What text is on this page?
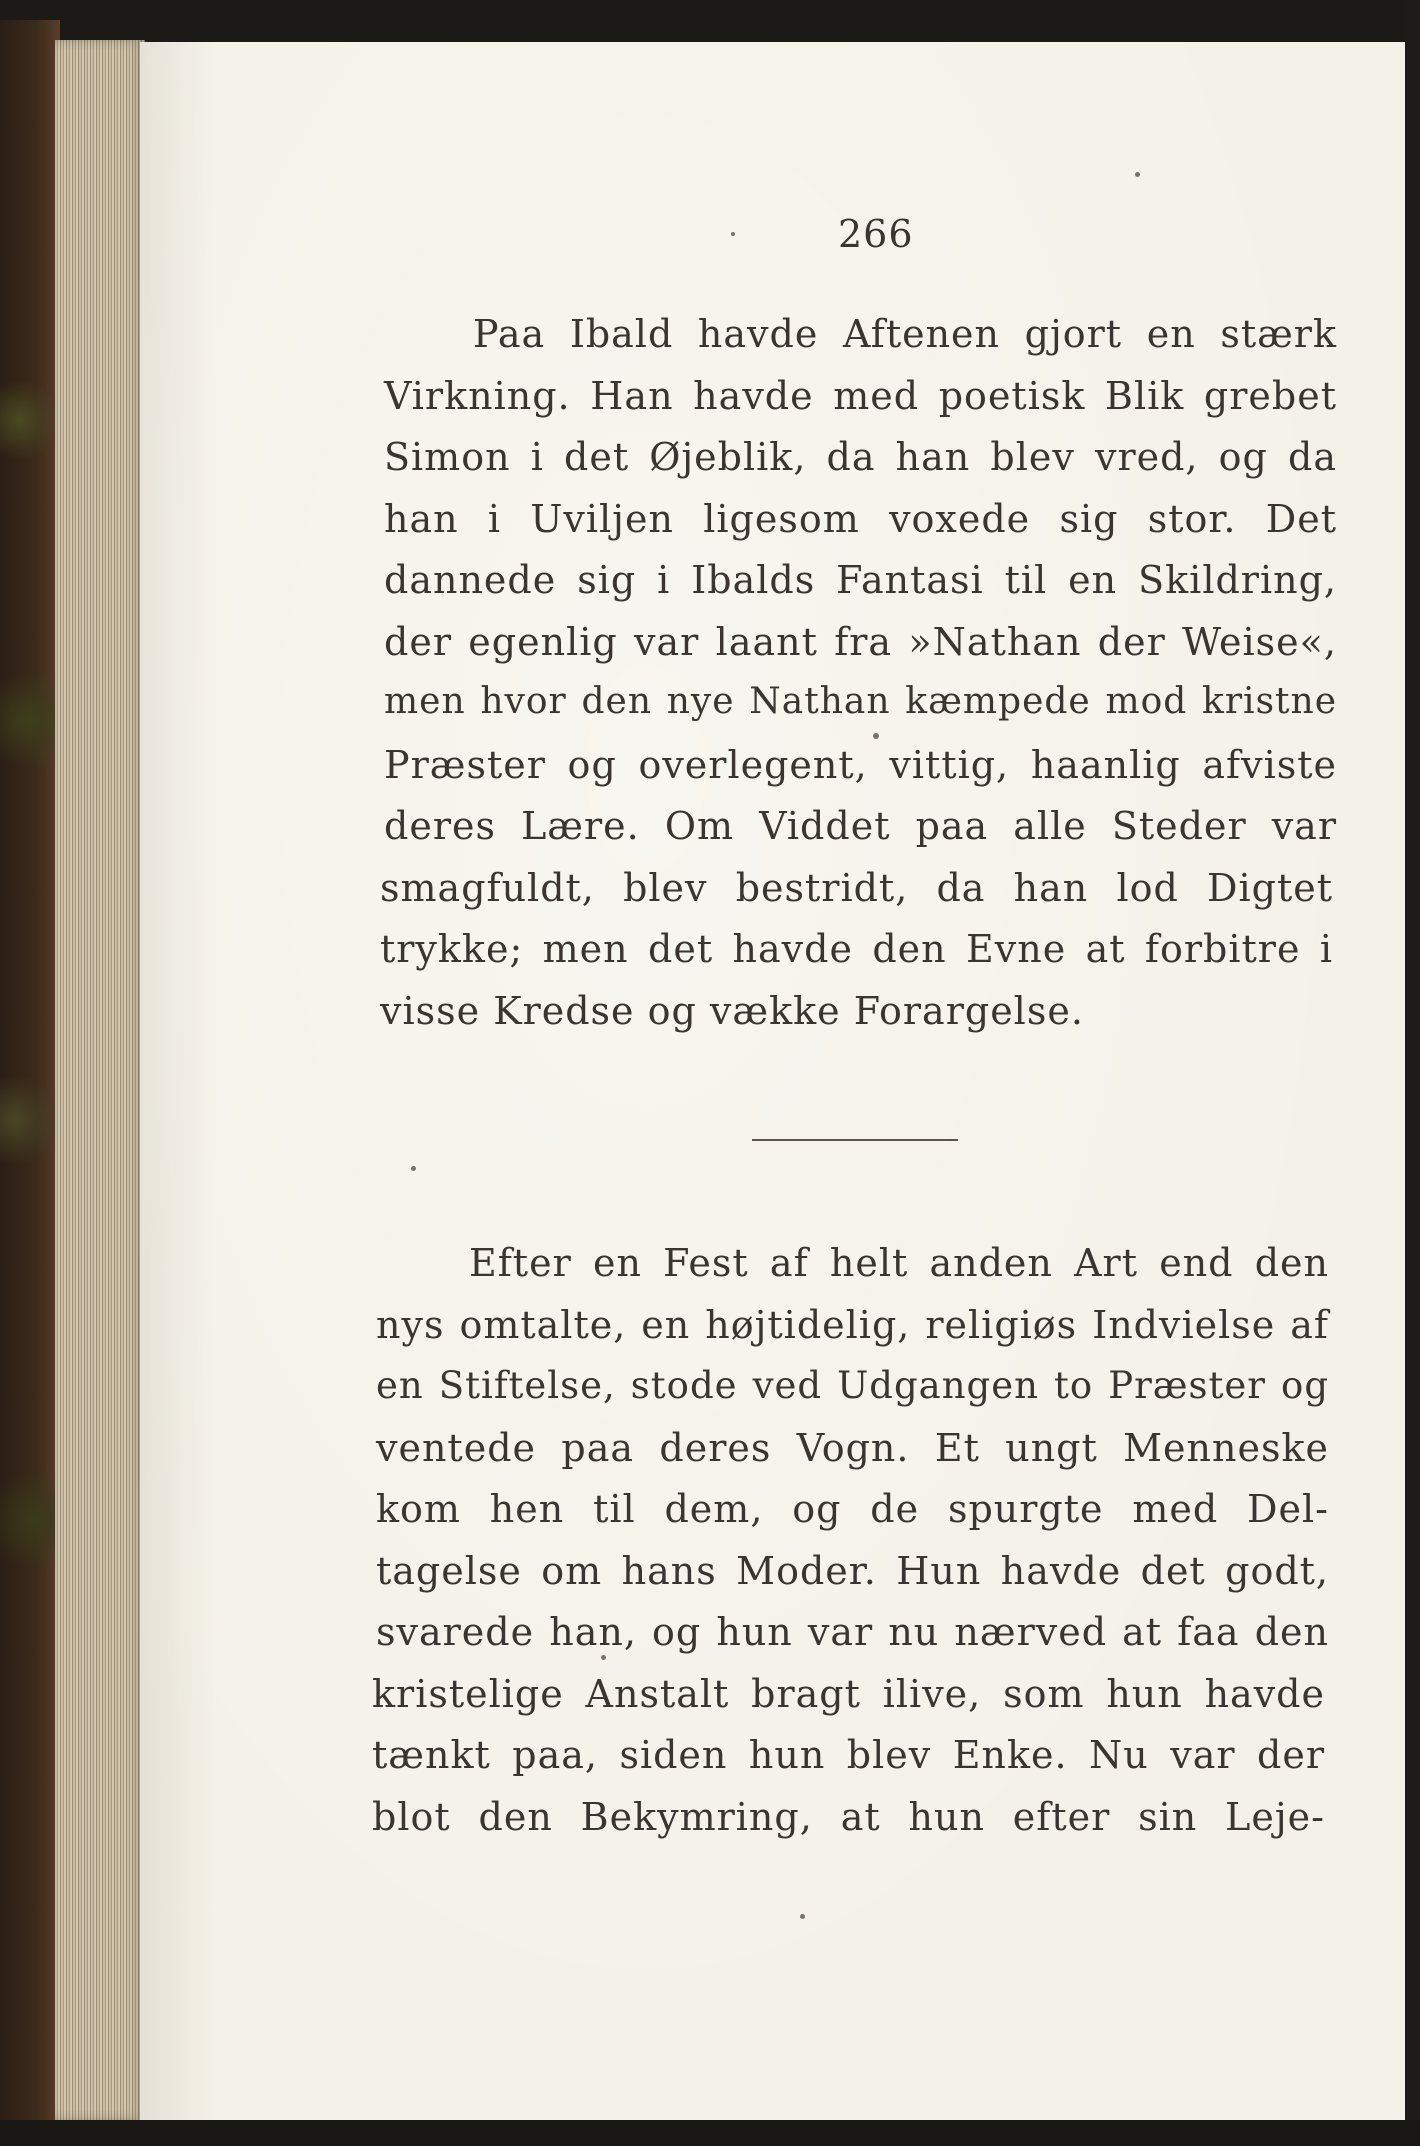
266
Paa Ibald havde Aftenen gjort en stærk
Virkning. Han havde med poetisk Blik grebet
Simon i det Øjeblik, da han blev vred, og da
han i Uviljen ligesom voxede sig stor. Det
dannede sig i Ibalds Fantasi til en Skildring,
der egenlig var laant fra »Nathan der Weise«,
men hvor den nye Nathan kæmpede mod kristne
Præster og overlegent, vittig, haanlig afviste
deres Lære. Om Viddet paa alle Steder var
smagfuldt, blev bestridt, da han lod Digtet
trykke; men det havde den Evne at forbitre i
visse Kredse og vække Forargelse.
Efter en Fest af helt anden Art end den
nys omtalte, en højtidelig, religiøs Indvielse af
en Stiftelse, stode ved Udgangen to Præster og
ventede paa deres Vogn. Et ungt Menneske
kom hen til dem, og de spurgte med Del-
tagelse om hans Moder. Hun havde det godt,
svarede han, og hun var nu nærved at faa den
kristelige Anstalt bragt ilive, som hun havde
tænkt paa, siden hun blev Enke. Nu var der
blot den Bekymring, at hun efter sin Leje-
